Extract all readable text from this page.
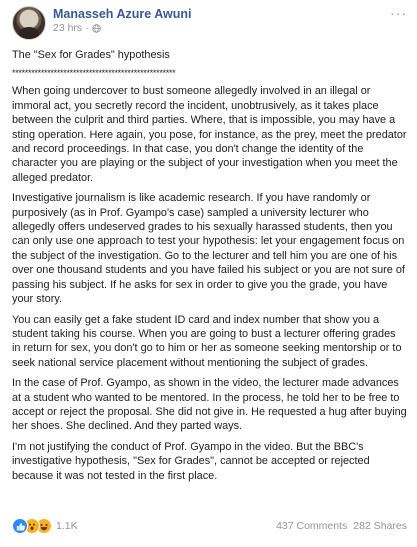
Manasseh Azure Awuni
23 hrs ·
···

The "Sex for Grades" hypothesis

***************************************************

When going undercover to bust someone allegedly involved in an illegal or immoral act, you secretly record the incident, unobtrusively, as it takes place between the culprit and third parties. Where, that is impossible, you may have a sting operation. Here again, you pose, for instance, as the prey, meet the predator and record proceedings. In that case, you don't change the identity of the character you are playing or the subject of your investigation when you meet the alleged predator.

Investigative journalism is like academic research. If you have randomly or purposively (as in Prof. Gyampo's case) sampled a university lecturer who allegedly offers undeserved grades to his sexually harassed students, then you can only use one approach to test your hypothesis: let your engagement focus on the subject of the investigation. Go to the lecturer and tell him you are one of his over one thousand students and you have failed his subject or you are not sure of passing his subject. If he asks for sex in order to give you the grade, you have your story.

You can easily get a fake student ID card and index number that show you a student taking his course. When you are going to bust a lecturer offering grades in return for sex, you don't go to him or her as someone seeking mentorship or to seek national service placement without mentioning the subject of grades.

In the case of Prof. Gyampo, as shown in the video, the lecturer made advances at a student who wanted to be mentored. In the process, he told her to be free to accept or reject the proposal. She did not give in. He requested a hug after buying her shoes. She declined. And they parted ways.

I'm not justifying the conduct of Prof. Gyampo in the video. But the BBC's investigative hypothesis, "Sex for Grades", cannot be accepted or rejected because it was not tested in the first place.

1.1K	437 Comments 282 Shares
